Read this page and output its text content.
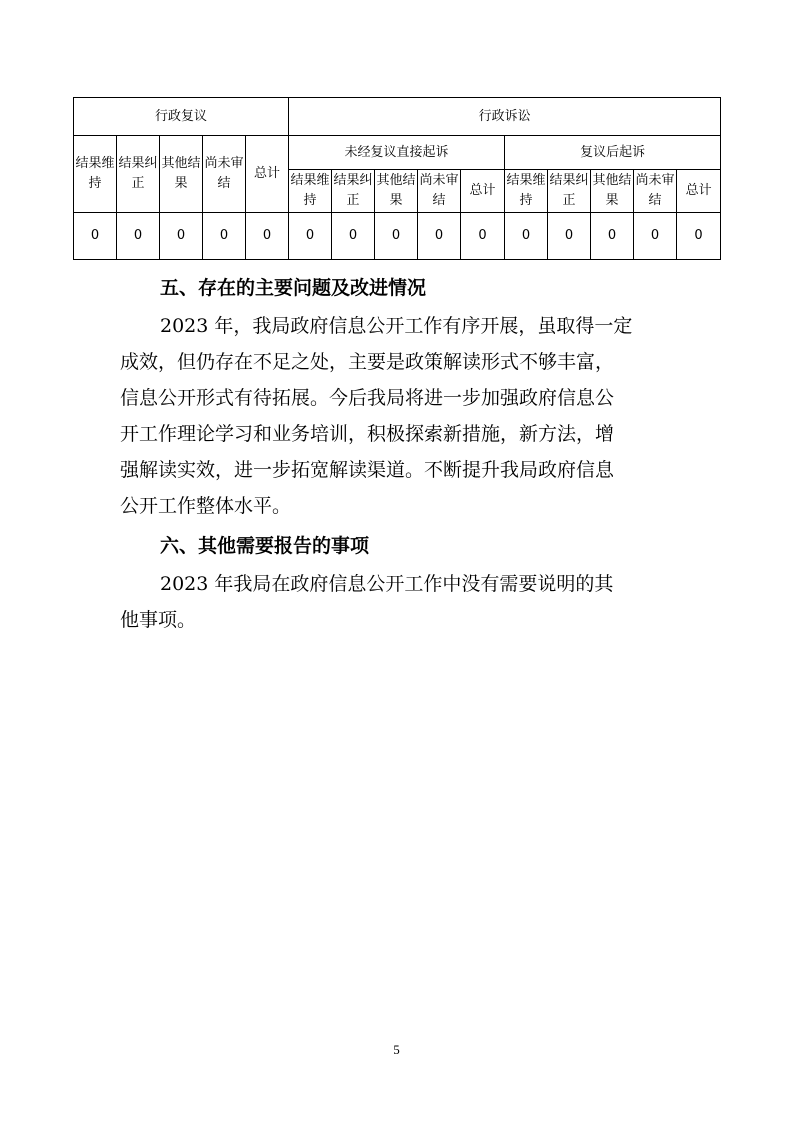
行政复议					行政诉讼									
结果维持	结果纠正	其他结果	尚未审结	总计	未经复议直接起诉					复议后起诉				
					结果维持	结果纠正	其他结果	尚未审结	总计	结果维持	结果纠正	其他结果	尚未审结	总计
0	0	0	0	0	0	0	0	0	0	0	0	0	0	0
五、存在的主要问题及改进情况
2023 年，我局政府信息公开工作有序开展，虽取得一定
成效，但仍存在不足之处，主要是政策解读形式不够丰富，
信息公开形式有待拓展。今后我局将进一步加强政府信息公
开工作理论学习和业务培训，积极探索新措施，新方法，增
强解读实效，进一步拓宽解读渠道。不断提升我局政府信息
公开工作整体水平。
六、其他需要报告的事项
2023 年我局在政府信息公开工作中没有需要说明的其
他事项。
5
